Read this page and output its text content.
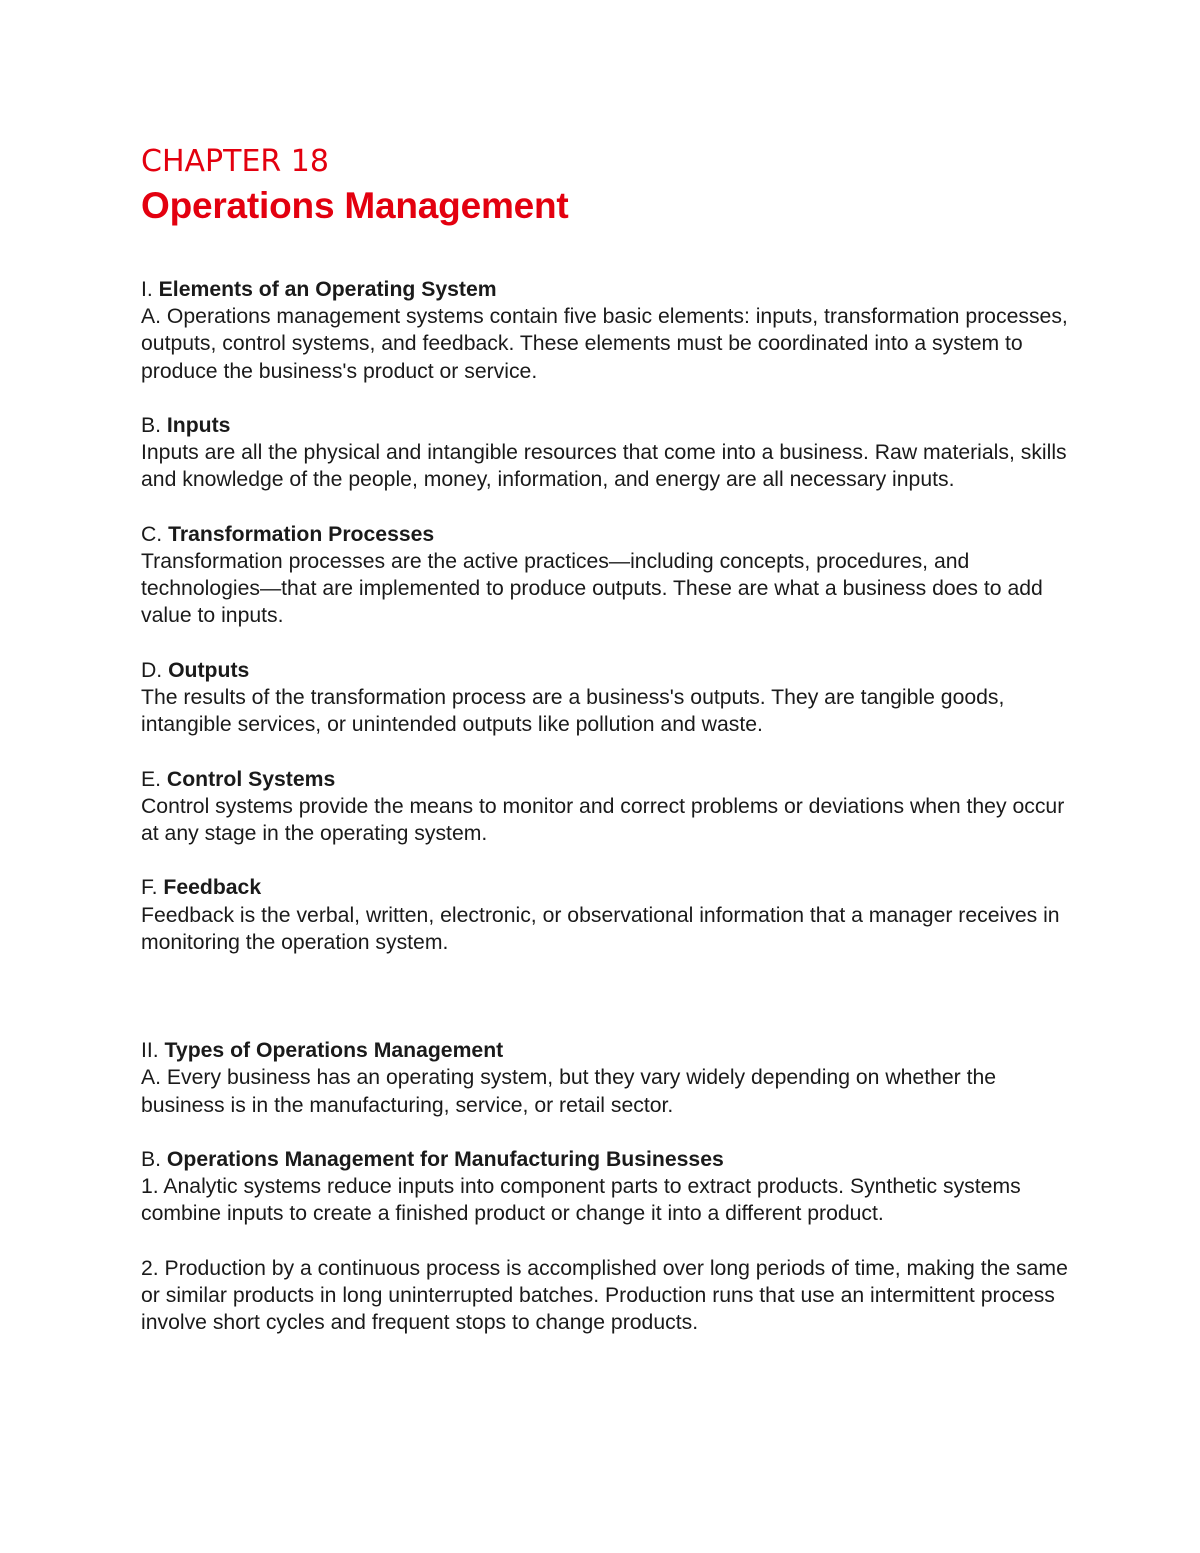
CHAPTER 18
Operations Management

I. Elements of an Operating System
A. Operations management systems contain five basic elements: inputs, transformation processes, outputs, control systems, and feedback. These elements must be coordinated into a system to produce the business's product or service.

B. Inputs
Inputs are all the physical and intangible resources that come into a business. Raw materials, skills and knowledge of the people, money, information, and energy are all necessary inputs.

C. Transformation Processes
Transformation processes are the active practices—including concepts, procedures, and technologies—that are implemented to produce outputs. These are what a business does to add value to inputs.

D. Outputs
The results of the transformation process are a business's outputs. They are tangible goods, intangible services, or unintended outputs like pollution and waste.

E. Control Systems
Control systems provide the means to monitor and correct problems or deviations when they occur at any stage in the operating system.

F. Feedback
Feedback is the verbal, written, electronic, or observational information that a manager receives in monitoring the operation system.

II. Types of Operations Management
A. Every business has an operating system, but they vary widely depending on whether the business is in the manufacturing, service, or retail sector.

B. Operations Management for Manufacturing Businesses
1. Analytic systems reduce inputs into component parts to extract products. Synthetic systems combine inputs to create a finished product or change it into a different product.

2. Production by a continuous process is accomplished over long periods of time, making the same or similar products in long uninterrupted batches. Production runs that use an intermittent process involve short cycles and frequent stops to change products.
